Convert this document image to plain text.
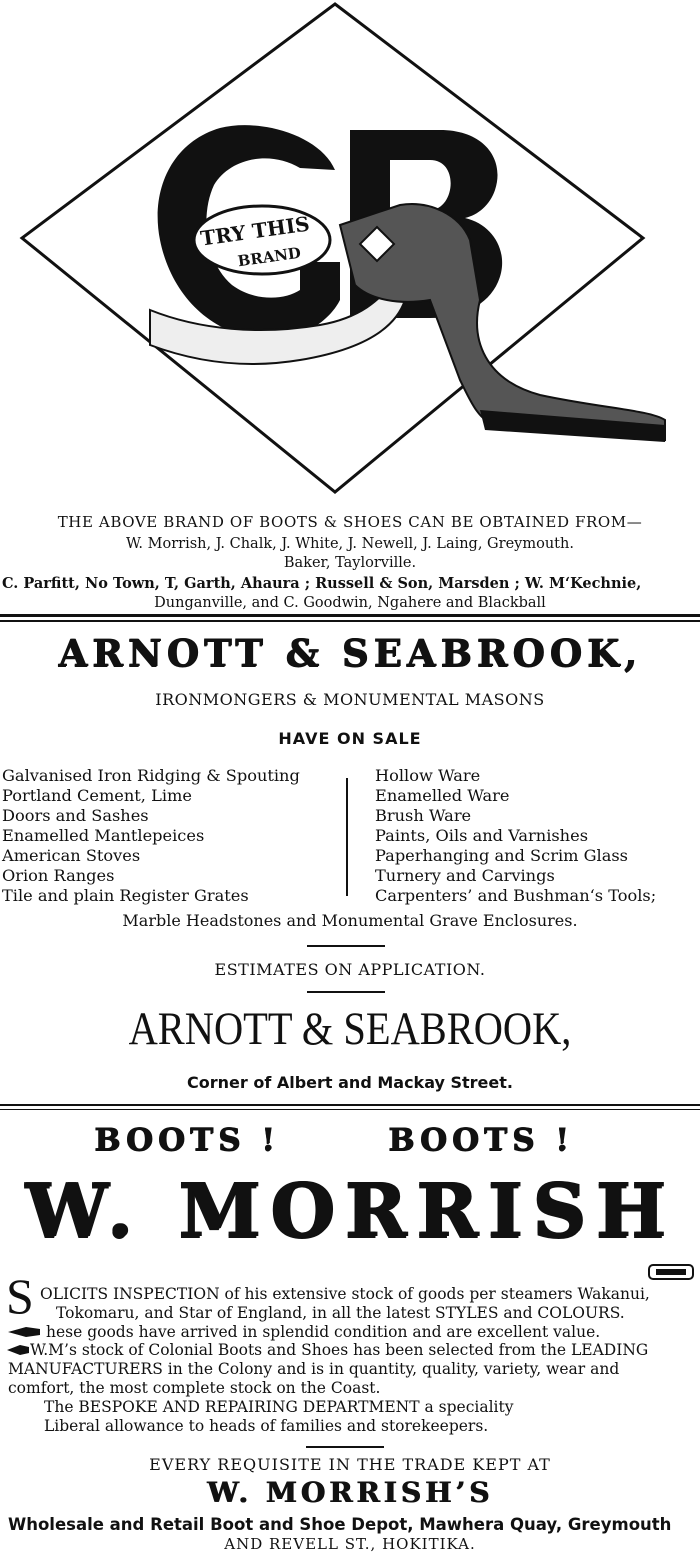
TRY THIS
BRAND
THE ABOVE BRAND OF BOOTS & SHOES CAN BE OBTAINED FROM—
W. Morrish, J. Chalk, J. White, J. Newell, J. Laing, Greymouth.
Baker, Taylorville.
C. Parfitt, No Town, T, Garth, Ahaura ; Russell & Son, Marsden ; W. M‘Kechnie,
Dunganville, and C. Goodwin, Ngahere and Blackball
ARNOTT & SEABROOK,
IRONMONGERS & MONUMENTAL MASONS
HAVE ON SALE
Galvanised Iron Ridging & Spouting
Portland Cement, Lime
Doors and Sashes
Enamelled Mantlepeices
American Stoves
Orion Ranges
Tile and plain Register Grates
Hollow Ware
Enamelled Ware
Brush Ware
Paints, Oils and Varnishes
Paperhanging and Scrim Glass
Turnery and Carvings
Carpenters’ and Bushman‘s Tools;
Marble Headstones and Monumental Grave Enclosures.
ESTIMATES ON APPLICATION.
ARNOTT & SEABROOK,
Corner of Albert and Mackay Street.
BOOTS !	BOOTS !
W. MORRISH
S OLICITS INSPECTION of his extensive stock of goods per steamers Wakanui,
Tokomaru, and Star of England, in all the latest STYLES and COLOURS.
hese goods have arrived in splendid condition and are excellent value.
W.M’s stock of Colonial Boots and Shoes has been selected from the LEADING
MANUFACTURERS in the Colony and is in quantity, quality, variety, wear and
comfort, the most complete stock on the Coast.
The BESPOKE AND REPAIRING DEPARTMENT a speciality
Liberal allowance to heads of families and storekeepers.
EVERY REQUISITE IN THE TRADE KEPT AT
W. MORRISH’S
Wholesale and Retail Boot and Shoe Depot, Mawhera Quay, Greymouth
AND REVELL ST., HOKITIKA.
